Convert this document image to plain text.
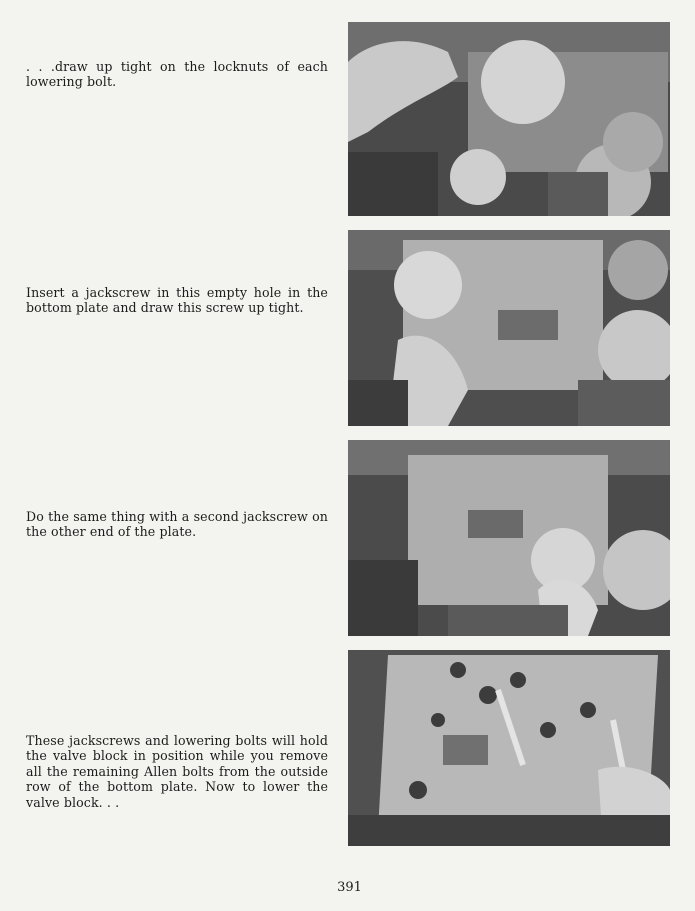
. . .draw up tight on the locknuts of each lowering bolt.

Insert a jackscrew in this empty hole in the bottom plate and draw this screw up tight.

Do the same thing with a second jackscrew on the other end of the plate.

These jackscrews and lowering bolts will hold the valve block in position while you remove all the remaining Allen bolts from the outside row of the bottom plate. Now to lower the valve block. . .

391
